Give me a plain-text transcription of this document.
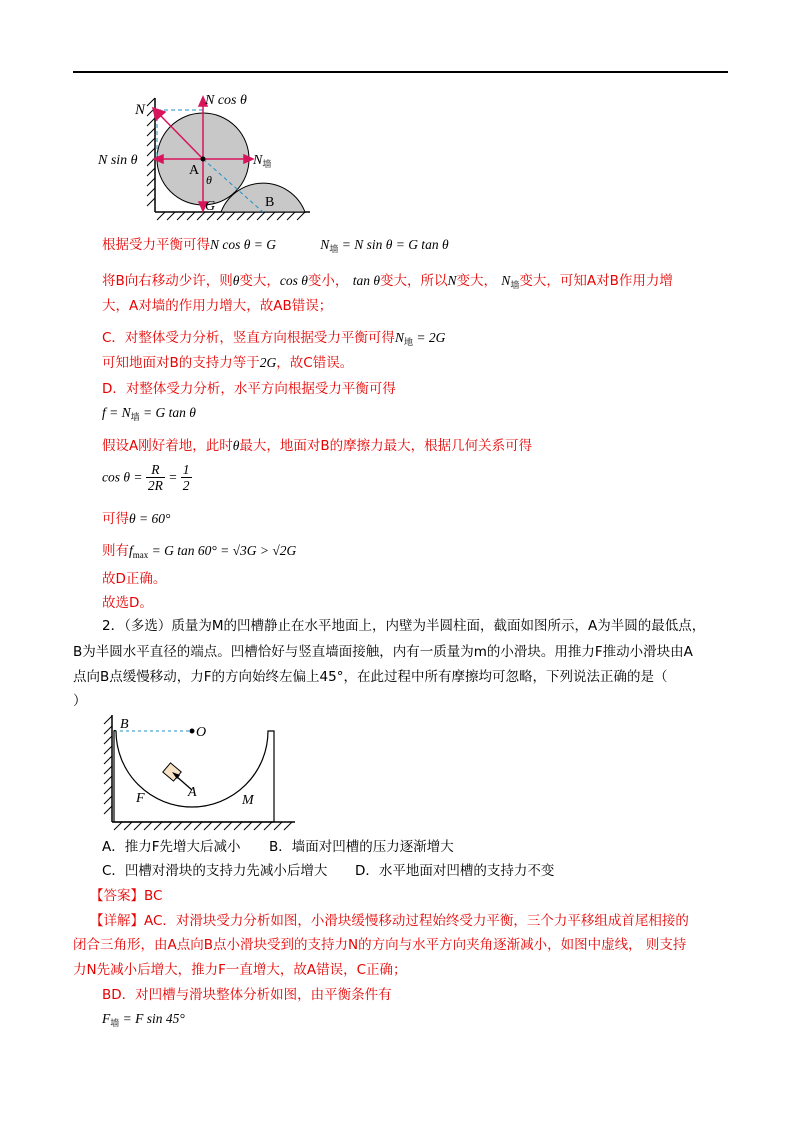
N
N cos θ
N sin θ	$N_墙$
A
θ
G	B
根据受力平衡可得N cos θ = G	$N_墙 = N$ sin θ = G tan θ
将B向右移动少许，则θ变大，cos θ变小， tan θ变大，所以N变大， $N_墙$变大，可知A对B作用力增
大，A对墙的作用力增大，故AB错误；
C．对整体受力分析，竖直方向根据受力平衡可得$N_地 = 2G$
可知地面对B的支持力等于2G，故C错误。
D．对整体受力分析，水平方向根据受力平衡可得
$f = N_墙 = G$ tan θ
假设A刚好着地，此时θ最大，地面对B的摩擦力最大，根据几何关系可得
$\cos \theta = \frac{R}{2R} = \frac{1}{2}$
可得θ = 60°
则有$f_{max} = G$ tan 60° = √3G > √2G
故D正确。
故选D。
2．（多选）质量为M的凹槽静止在水平地面上，内壁为半圆柱面，截面如图所示，A为半圆的最低点，
B为半圆水平直径的端点。凹槽恰好与竖直墙面接触，内有一质量为m的小滑块。用推力F推动小滑块由A
点向B点缓慢移动，力F的方向始终左偏上45°，在此过程中所有摩擦均可忽略，下列说法正确的是（
）
B
O
F	A
M
A．推力F先增大后减小 B．墙面对凹槽的压力逐渐增大
C．凹槽对滑块的支持力先减小后增大 D．水平地面对凹槽的支持力不变
【答案】BC
【详解】AC．对滑块受力分析如图，小滑块缓慢移动过程始终受力平衡，三个力平移组成首尾相接的
闭合三角形，由A点向B点小滑块受到的支持力N的方向与水平方向夹角逐渐减小，如图中虚线， 则支持
力N先减小后增大，推力F一直增大，故A错误，C正确；
BD．对凹槽与滑块整体分析如图，由平衡条件有
$F_墙 = F$ sin 45°
